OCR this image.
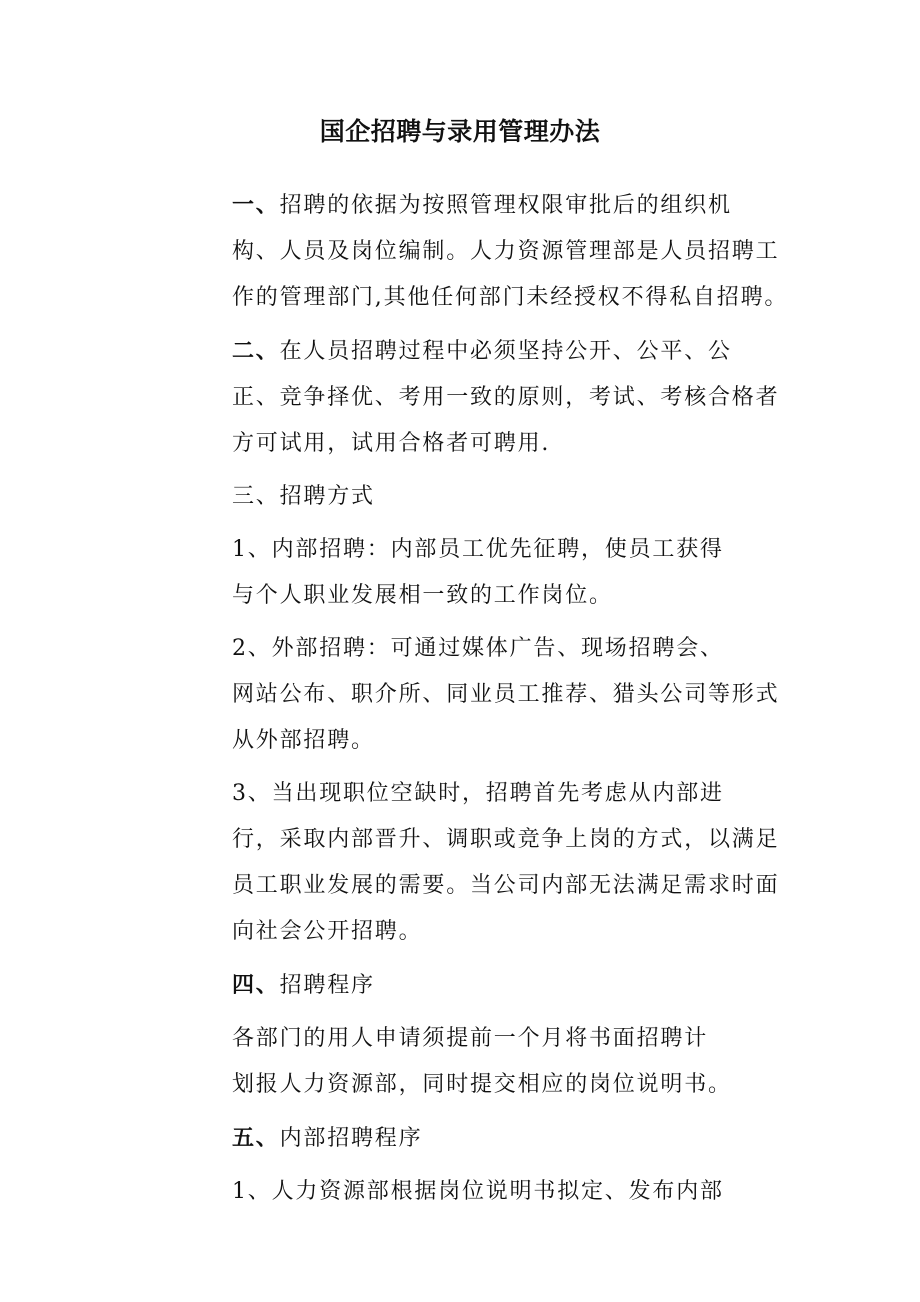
国企招聘与录用管理办法

一、招聘的依据为按照管理权限审批后的组织机
构、人员及岗位编制。人力资源管理部是人员招聘工
作的管理部门,其他任何部门未经授权不得私自招聘。

二、在人员招聘过程中必须坚持公开、公平、公
正、竞争择优、考用一致的原则，考试、考核合格者
方可试用，试用合格者可聘用.

三、招聘方式

1、内部招聘：内部员工优先征聘，使员工获得
与个人职业发展相一致的工作岗位。

2、外部招聘：可通过媒体广告、现场招聘会、
网站公布、职介所、同业员工推荐、猎头公司等形式
从外部招聘。

3、当出现职位空缺时，招聘首先考虑从内部进
行，采取内部晋升、调职或竞争上岗的方式，以满足
员工职业发展的需要。当公司内部无法满足需求时面
向社会公开招聘。

四、招聘程序

各部门的用人申请须提前一个月将书面招聘计
划报人力资源部，同时提交相应的岗位说明书。

五、内部招聘程序

1、人力资源部根据岗位说明书拟定、发布内部
